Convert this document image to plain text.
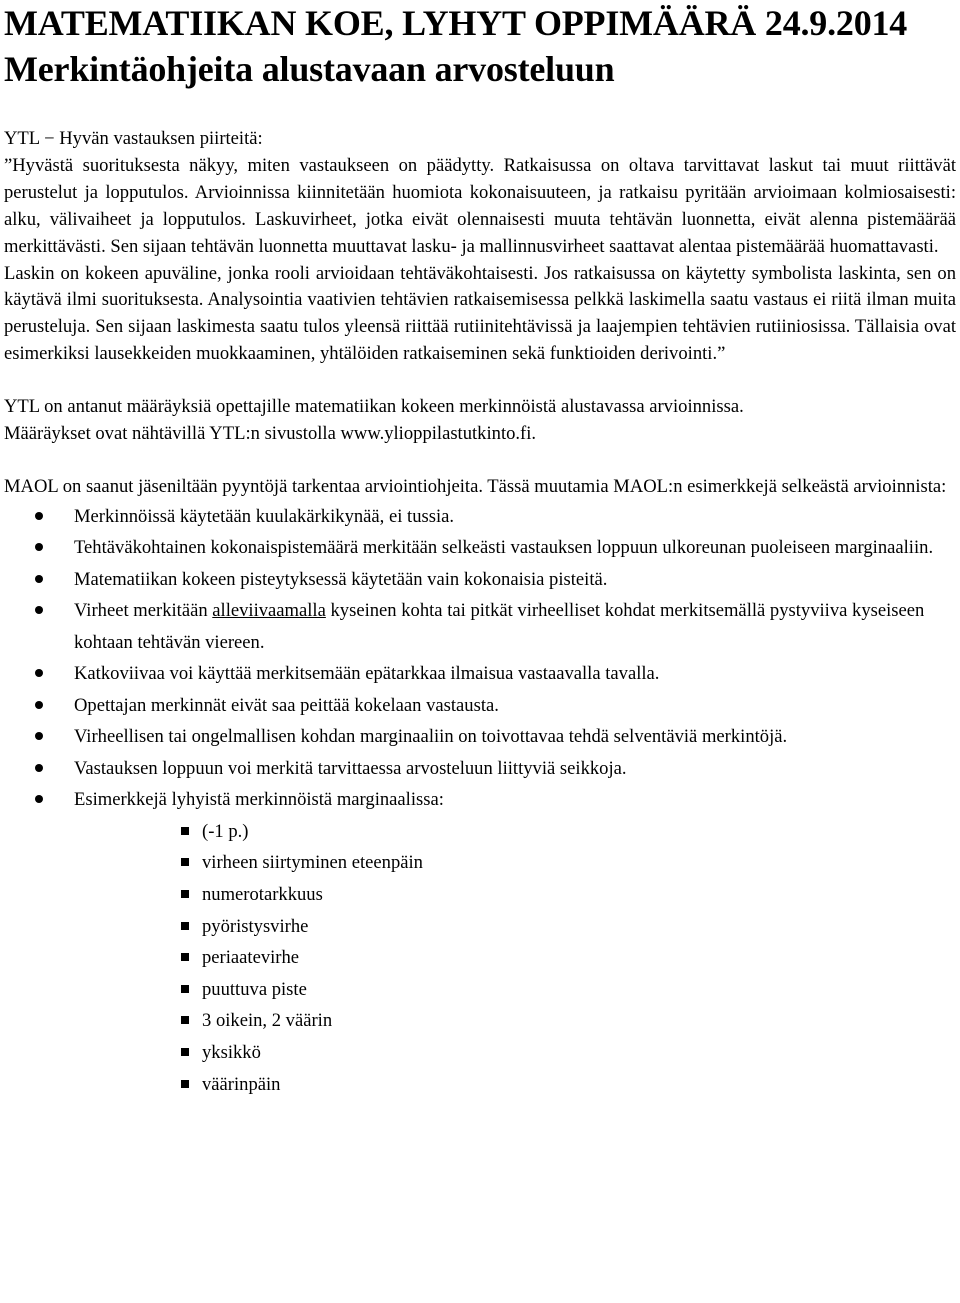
MATEMATIIKAN KOE, LYHYT OPPIMÄÄRÄ 24.9.2014
Merkintäohjeita alustavaan arvosteluun

YTL − Hyvän vastauksen piirteitä:

”Hyvästä suorituksesta näkyy, miten vastaukseen on päädytty. Ratkaisussa on oltava tarvittavat laskut tai muut riittävät perustelut ja lopputulos. Arvioinnissa kiinnitetään huomiota kokonaisuuteen, ja ratkaisu pyritään arvioimaan kolmiosaisesti: alku, välivaiheet ja lopputulos. Laskuvirheet, jotka eivät olennaisesti muuta tehtävän luonnetta, eivät alenna pistemäärää merkittävästi. Sen sijaan tehtävän luonnetta muuttavat lasku- ja mallinnusvirheet saattavat alentaa pistemäärää huomattavasti.

Laskin on kokeen apuväline, jonka rooli arvioidaan tehtäväkohtaisesti. Jos ratkaisussa on käytetty symbolista laskinta, sen on käytävä ilmi suorituksesta. Analysointia vaativien tehtävien ratkaisemisessa pelkkä laskimella saatu vastaus ei riitä ilman muita perusteluja. Sen sijaan laskimesta saatu tulos yleensä riittää rutiinitehtävissä ja laajempien tehtävien rutiiniosissa. Tällaisia ovat esimerkiksi lausekkeiden muokkaaminen, yhtälöiden ratkaiseminen sekä funktioiden derivointi.”

YTL on antanut määräyksiä opettajille matematiikan kokeen merkinnöistä alustavassa arvioinnissa.

Määräykset ovat nähtävillä YTL:n sivustolla www.ylioppilastutkinto.fi.

MAOL on saanut jäseniltään pyyntöjä tarkentaa arviointiohjeita. Tässä muutamia MAOL:n esimerkkejä selkeästä arvioinnista:

Merkinnöissä käytetään kuulakärkikynää, ei tussia.
Tehtäväkohtainen kokonaispistemäärä merkitään selkeästi vastauksen loppuun ulkoreunan puoleiseen marginaaliin.
Matematiikan kokeen pisteytyksessä käytetään vain kokonaisia pisteitä.
Virheet merkitään alleviivaamalla kyseinen kohta tai pitkät virheelliset kohdat merkitsemällä pystyviiva kyseiseen kohtaan tehtävän viereen.
Katkoviivaa voi käyttää merkitsemään epätarkkaa ilmaisua vastaavalla tavalla.
Opettajan merkinnät eivät saa peittää kokelaan vastausta.
Virheellisen tai ongelmallisen kohdan marginaaliin on toivottavaa tehdä selventäviä merkintöjä.
Vastauksen loppuun voi merkitä tarvittaessa arvosteluun liittyviä seikkoja.
Esimerkkejä lyhyistä merkinnöistä marginaalissa:
(-1 p.)
virheen siirtyminen eteenpäin
numerotarkkuus
pyöristysvirhe
periaatevirhe
puuttuva piste
3 oikein, 2 väärin
yksikkö
väärinpäin
